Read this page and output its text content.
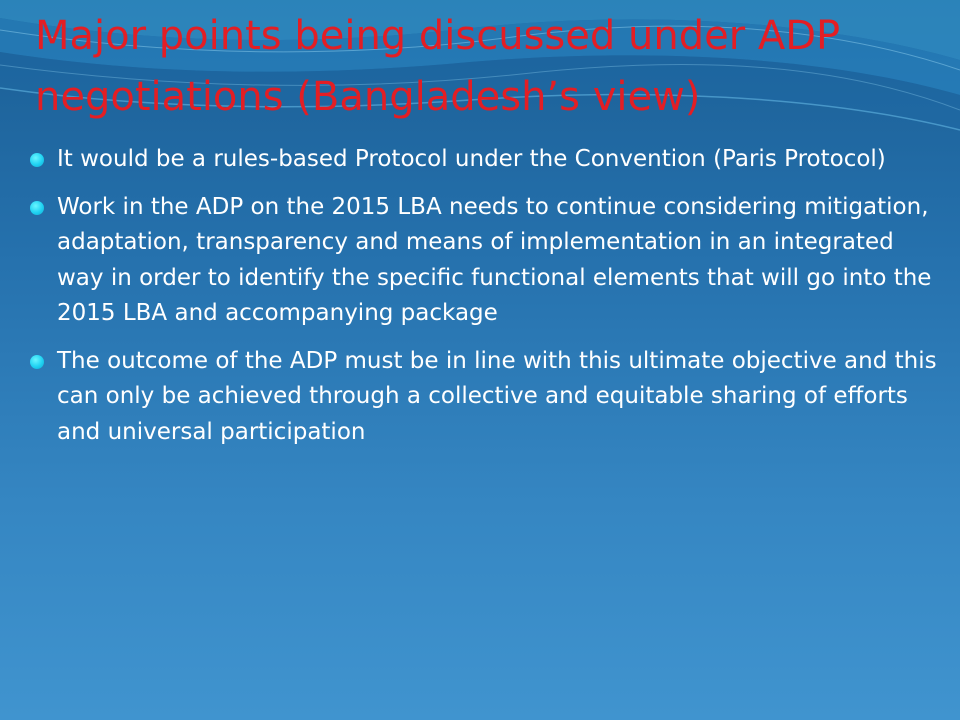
Major points being discussed under ADP negotiations (Bangladesh’s view)
It would be a rules-based Protocol under the Convention (Paris Protocol)
Work in the ADP on the 2015 LBA needs to continue considering mitigation, adaptation, transparency and means of implementation in an integrated way in order to identify the specific functional elements that will go into the 2015 LBA and accompanying package
The outcome of the ADP must be in line with this ultimate objective and this can only be achieved through a collective and equitable sharing of efforts and universal participation
